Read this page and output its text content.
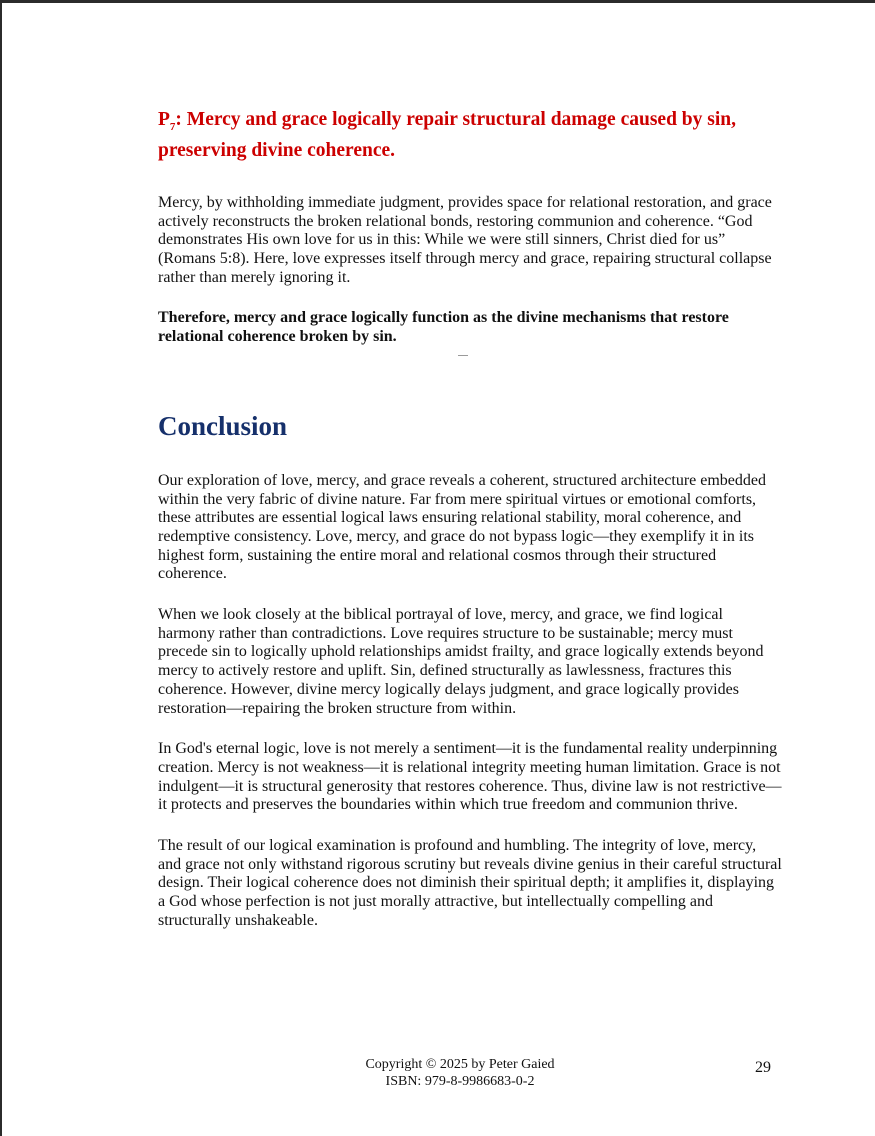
$P_7$: Mercy and grace logically repair structural damage caused by sin, preserving divine coherence.

Mercy, by withholding immediate judgment, provides space for relational restoration, and grace actively reconstructs the broken relational bonds, restoring communion and coherence. “God demonstrates His own love for us in this: While we were still sinners, Christ died for us” (Romans 5:8). Here, love expresses itself through mercy and grace, repairing structural collapse rather than merely ignoring it.

Therefore, mercy and grace logically function as the divine mechanisms that restore relational coherence broken by sin.

Conclusion

Our exploration of love, mercy, and grace reveals a coherent, structured architecture embedded within the very fabric of divine nature. Far from mere spiritual virtues or emotional comforts, these attributes are essential logical laws ensuring relational stability, moral coherence, and redemptive consistency. Love, mercy, and grace do not bypass logic—they exemplify it in its highest form, sustaining the entire moral and relational cosmos through their structured coherence.

When we look closely at the biblical portrayal of love, mercy, and grace, we find logical harmony rather than contradictions. Love requires structure to be sustainable; mercy must precede sin to logically uphold relationships amidst frailty, and grace logically extends beyond mercy to actively restore and uplift. Sin, defined structurally as lawlessness, fractures this coherence. However, divine mercy logically delays judgment, and grace logically provides restoration—repairing the broken structure from within.

In God's eternal logic, love is not merely a sentiment—it is the fundamental reality underpinning creation. Mercy is not weakness—it is relational integrity meeting human limitation. Grace is not indulgent—it is structural generosity that restores coherence. Thus, divine law is not restrictive—it protects and preserves the boundaries within which true freedom and communion thrive.

The result of our logical examination is profound and humbling. The integrity of love, mercy, and grace not only withstand rigorous scrutiny but reveals divine genius in their careful structural design. Their logical coherence does not diminish their spiritual depth; it amplifies it, displaying a God whose perfection is not just morally attractive, but intellectually compelling and structurally unshakeable.

Copyright © 2025 by Peter Gaied
ISBN: 979-8-9986683-0-2
29
